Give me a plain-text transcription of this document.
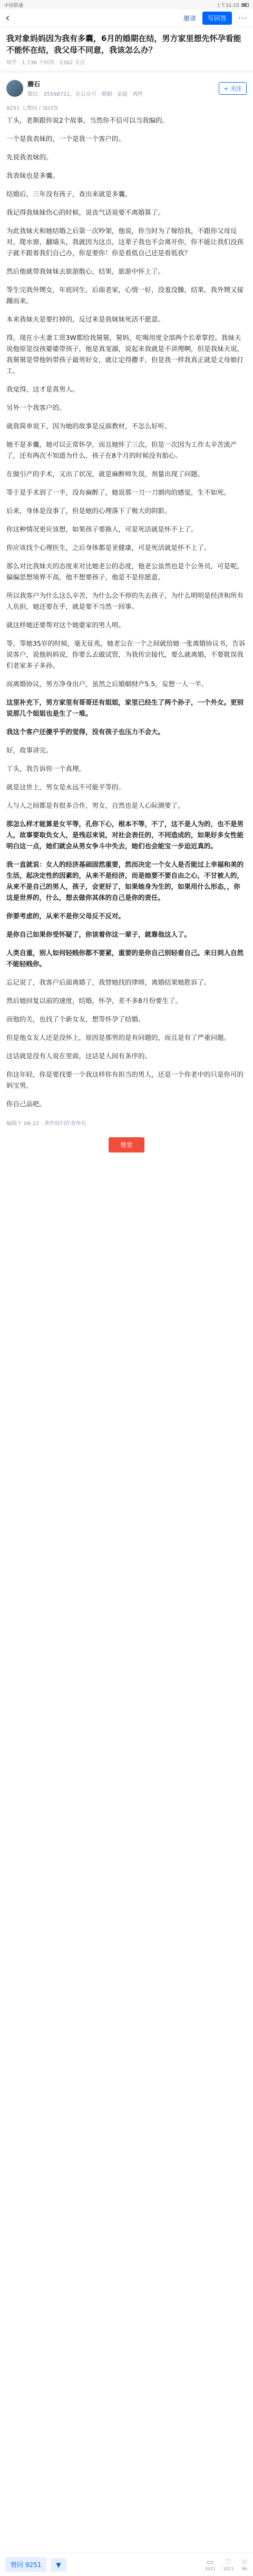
中国联通	上午11:15
‹	邀请	写回答	···
我对象妈妈因为我有多囊，6月的婚期在结，男方家里想先怀孕看能不能怀在结，我父母不同意，我该怎么办？
知乎 · 1,736 个回答 · 2382 关注
蘑石
微信：35598721，在公众号 · 婚姻 · 家庭 · 两性
+ 关注
9251 人赞同了该回答

丫头，老斯跟你说2个故事，当然你不信可以当我编的。

一个是我表妹的，一个是我一个客户的。

先说我表妹的。

我表妹也是多囊。

结婚后，三年没有孩子，查出来就是多囊。

我记得我妹妹伤心的时候，说丧气话说要不离婚算了。

为此我妹夫和她结婚之后第一次吵架，他说，你当时为了嫁给我，不跟你父母反对，爬水窗，翻墙头，我就因为这点，这辈子我也不会离开你，你不能让我们没孩子就不跟着我们自己办，你是要你！你是看低自己还是看低我？

然后他就带我妹妹去旅游散心，结果，旅游中怀上了。

等生完我外甥女，年底同生，后面老家，心情一好，没羞没臊，结果，我外甥又接踵而来。

本来我妹夫是要打掉的，反过来是我妹妹死活不愿意。

得，现在小夫妻工资3W都给我舅舅，舅妈，吃喝用度全部两个长辈掌控。我妹夫说他原是没孩婆婆带孩子，他是真宠溺，说起来我就是不讲理啊，但是我妹夫说，我舅舅是带他妈带孩子最男好女，就让定得撒手，但是我一样我真正就是丈母娘打工。

我觉得，这才是真男人。

另外一个我客户的。

就我简单说下，因为她的故事是反面教材，不怎么好听。

她不是多囊，她可以正常怀孕，而且她怀了三次，但是一次因为工作太辛苦流产了，还有两次不知道为什么，孩子在8个月的时候没有胎心。

在做引产的手术，又出了状况，就是麻醉师失误，剂量出现了问题。

等于是手术到了一半，没有麻醉了，她说那一刀一刀割肉的感觉，生不如死。

后来，身体是没事了，但是她的心理落下了极大的阴影。

你这种情况更应该想，如果孩子要换人，可是死活就是怀不上了。

你应该找个心理医生，之后身体都是亚健康，可是死活就是怀不上了。

那么对比我妹夫的态度来对比她老公的态度，他老公虽然也是个公务员，可是呢，偏偏思想境界不高，他不想要孩子，他是不是你愿意。

所以我客户为什么这么辛苦，为什么会不停的失去孩子，为什么明明是经济和所有人负担，她还要在乎，就是要不当然一回事。

就这样她还要帮对这个她婆家的男人明。

等，等她35岁的时候，毫无征兆，她老公在一个之间就给她一张离婚协议书，告诉说客户，说他妈妈说，你要么去做试管，为我传宗接代，要么就离婚，不要耽误我们老家多子多孙。

而离婚协议，男方净身出户，虽然之后婚姻财产5.5，妄想一人一半。

这里补充下，男方家里有哥哥还有姐姐，家里已经生了两个孙子，一个外女。更别说那几个姐姐也是生了一堆。

我这个客户还傻乎乎的觉得，没有孩子也压力不会大。

好，故事讲完。

丫头，我告诉你一个真理。

就是这世上，男女是永远不可能平等的。

人与人之间都是有很多合作，男女，自然也是人心际测要了。

那怎么样才能算是女平等，孔你下心，根本不等，不了，这不是人为的，也不是男人，故事要取负女人，是残忍来说，对社会表任的，不同造成的，如果好多女性能明白这一点，她们就会从男女争斗中失去，她们也会能宝一步迫近真的。

我一直就说：女人的经济基础固然重要，然而决定一个女人是否能过上幸福和美的生活，起决定性的因素的，从来不是经济，而是她要不要自由之心，不甘被人的，从来不是自己的男人，孩子，会更好了，如果她身为生的，如果用什么形态，，你这是世界的，什么，想去做你其体的自己是你的责任。

你要考虑的，从来不是你父母反不反对。

是你自己如果你受怀疑了，你该着你这一辈子，就靠他这人了。

人类自重，别人如何轻贱你都不要紧，重要的是你自己别轻看自己。来日到人自然不能轻贱你。

忘记说了，我客户后面离婚了，我替她找的律师，离婚结果她胜诉了。

然后她回复以前的速度，结婚，怀孕，差不多8月份要生了。

而他的关，也找了个新女友，想等怀孕了结婚。

但是他女友人还是没怀上，原因是那男的是有问题的，而且是有了严重问题。

这话就是没有人说在里面，这话是人间有条序的。

你这年轻，你是要找要一个我这样你有担当的男人，还是一个你老中的只是你可的妈宝男。

你自己品吧。

编辑于 06-22 · 著作权归作者所有
赞赏
赞同 9251	▼	▭
1011
♡
1011
☆
96
